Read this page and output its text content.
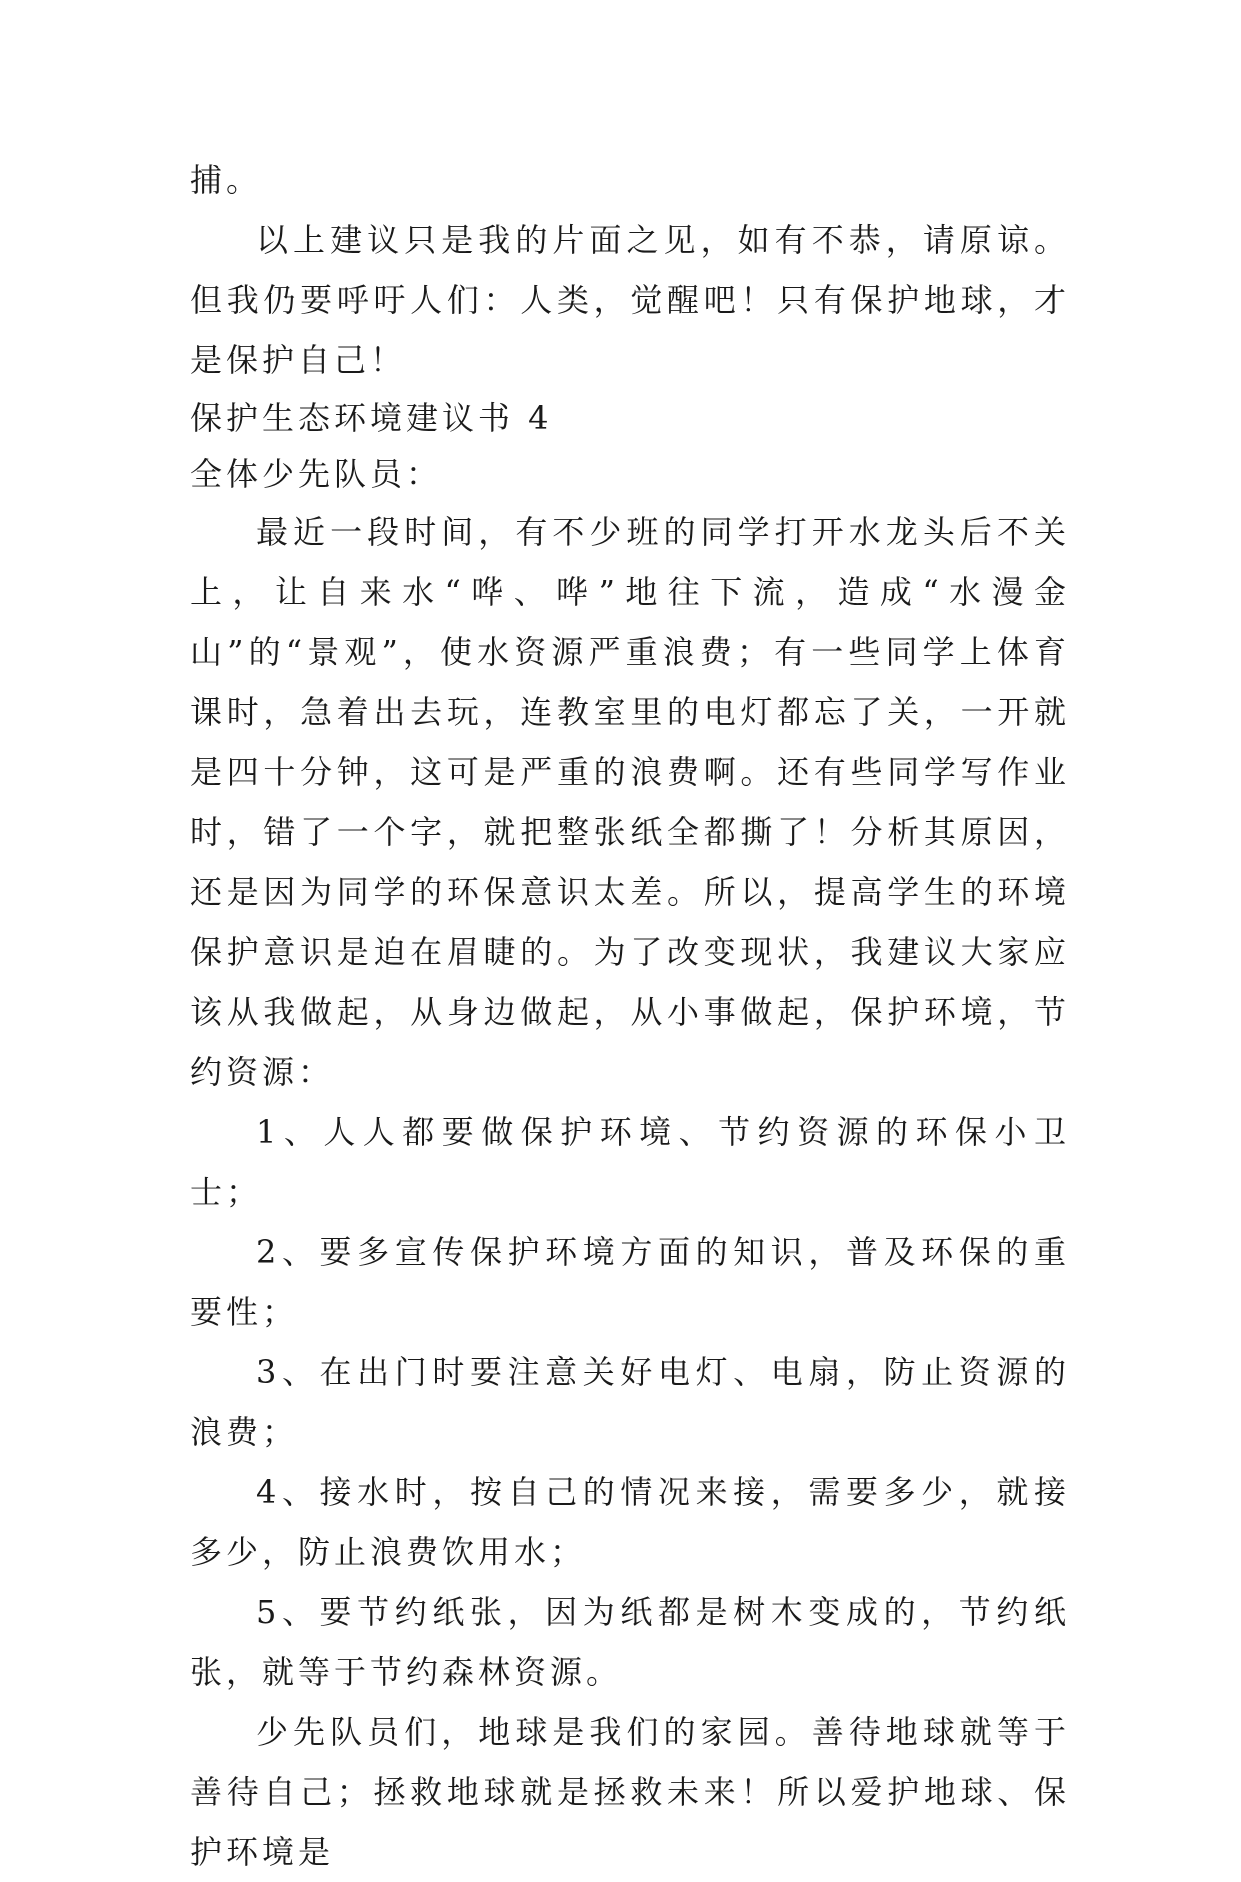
捕。

以上建议只是我的片面之见，如有不恭，请原谅。但我仍要呼吁人们：人类，觉醒吧！只有保护地球，才是保护自己！

保护生态环境建议书 4

全体少先队员：

最近一段时间，有不少班的同学打开水龙头后不关上，让自来水“哗、哗”地往下流，造成“水漫金山”的“景观”，使水资源严重浪费；有一些同学上体育课时，急着出去玩，连教室里的电灯都忘了关，一开就是四十分钟，这可是严重的浪费啊。还有些同学写作业时，错了一个字，就把整张纸全都撕了！分析其原因，还是因为同学的环保意识太差。所以，提高学生的环境保护意识是迫在眉睫的。为了改变现状，我建议大家应该从我做起，从身边做起，从小事做起，保护环境，节约资源：

1、人人都要做保护环境、节约资源的环保小卫士；

2、要多宣传保护环境方面的知识，普及环保的重要性；

3、在出门时要注意关好电灯、电扇，防止资源的浪费；

4、接水时，按自己的情况来接，需要多少，就接多少，防止浪费饮用水；

5、要节约纸张，因为纸都是树木变成的，节约纸张，就等于节约森林资源。

少先队员们，地球是我们的家园。善待地球就等于善待自己；拯救地球就是拯救未来！所以爱护地球、保护环境是
